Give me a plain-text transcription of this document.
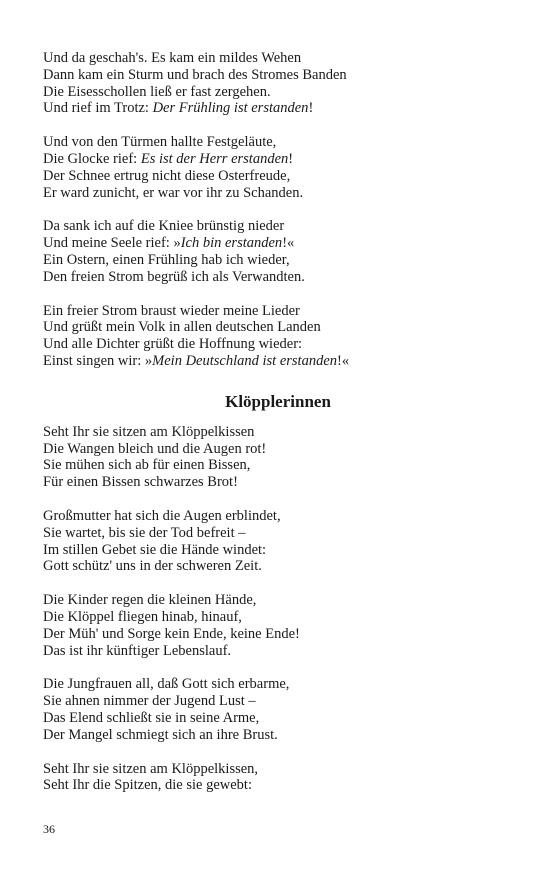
Und da geschah's. Es kam ein mildes Wehen
Dann kam ein Sturm und brach des Stromes Banden
Die Eisesschollen ließ er fast zergehen.
Und rief im Trotz: Der Frühling ist erstanden!
Und von den Türmen hallte Festgeläute,
Die Glocke rief: Es ist der Herr erstanden!
Der Schnee ertrug nicht diese Osterfreude,
Er ward zunicht, er war vor ihr zu Schanden.
Da sank ich auf die Kniee brünstig nieder
Und meine Seele rief: »Ich bin erstanden!«
Ein Ostern, einen Frühling hab ich wieder,
Den freien Strom begrüß ich als Verwandten.
Ein freier Strom braust wieder meine Lieder
Und grüßt mein Volk in allen deutschen Landen
Und alle Dichter grüßt die Hoffnung wieder:
Einst singen wir: »Mein Deutschland ist erstanden!«
Klöpplerinnen
Seht Ihr sie sitzen am Klöppelkissen
Die Wangen bleich und die Augen rot!
Sie mühen sich ab für einen Bissen,
Für einen Bissen schwarzes Brot!
Großmutter hat sich die Augen erblindet,
Sie wartet, bis sie der Tod befreit –
Im stillen Gebet sie die Hände windet:
Gott schütz' uns in der schweren Zeit.
Die Kinder regen die kleinen Hände,
Die Klöppel fliegen hinab, hinauf,
Der Müh' und Sorge kein Ende, keine Ende!
Das ist ihr künftiger Lebenslauf.
Die Jungfrauen all, daß Gott sich erbarme,
Sie ahnen nimmer der Jugend Lust –
Das Elend schließt sie in seine Arme,
Der Mangel schmiegt sich an ihre Brust.
Seht Ihr sie sitzen am Klöppelkissen,
Seht Ihr die Spitzen, die sie gewebt:
36
